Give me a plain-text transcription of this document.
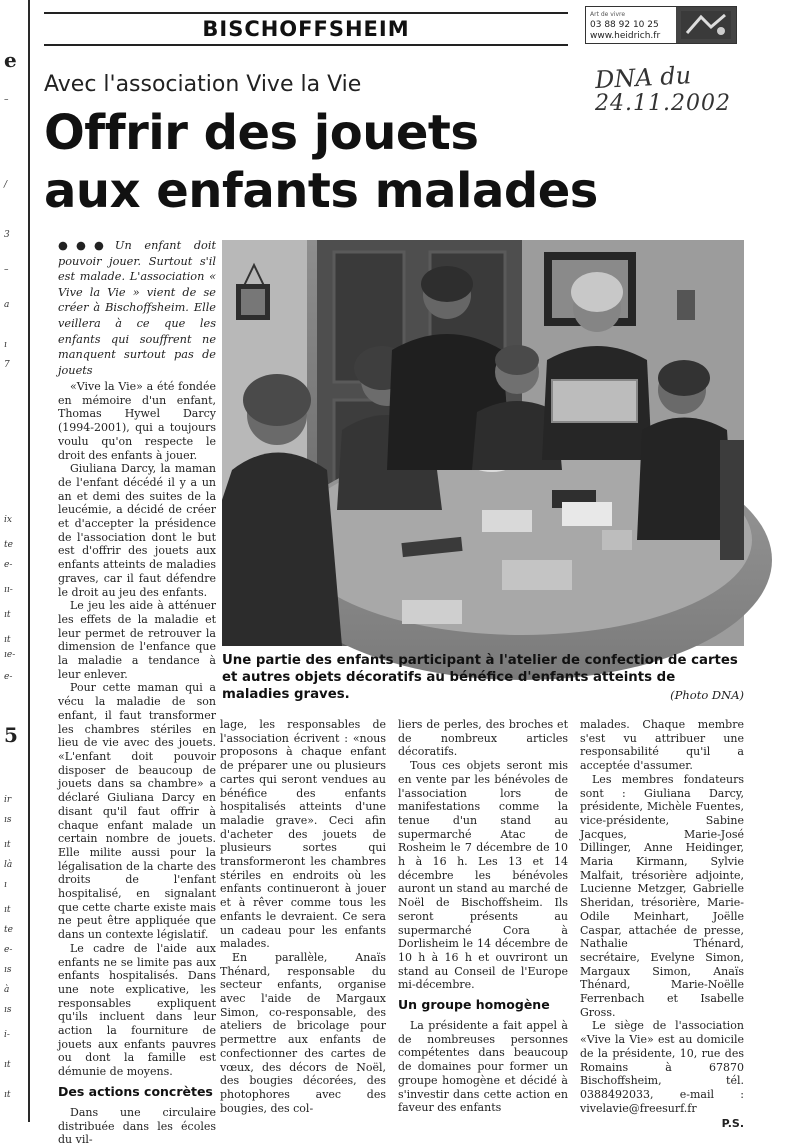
e
–
/
3
–
a
ı
7
ix
te
e-
ıı-
ıt
ıt
ıe-
e-
5
ir
ıs
ıt
là
ı
ıt
te
e-
ıs
à
ıs
i-
ıt
ıt
BISCHOFFSHEIM
Art de vivre
03 88 92 10 25
www.heidrich.fr
DNA du
24.11.2002
Avec l'association Vive la Vie
Offrir des jouets
aux enfants malades
●●● Un enfant doit pouvoir jouer. Surtout s'il est malade. L'association « Vive la Vie » vient de se créer à Bischoffsheim. Elle veillera à ce que les enfants qui souffrent ne manquent surtout pas de jouets

«Vive la Vie» a été fondée en mémoire d'un enfant, Thomas Hywel Darcy (1994-2001), qui a toujours voulu qu'on respecte le droit des enfants à jouer.

Giuliana Darcy, la maman de l'enfant décédé il y a un an et demi des suites de la leucémie, a décidé de créer et d'accepter la présidence de l'association dont le but est d'offrir des jouets aux enfants atteints de maladies graves, car il faut défendre le droit au jeu des enfants.

Le jeu les aide à atténuer les effets de la maladie et leur permet de retrouver la dimension de l'enfance que la maladie a tendance à leur enlever.

Pour cette maman qui a vécu la maladie de son enfant, il faut transformer les chambres stériles en lieu de vie avec des jouets. «L'enfant doit pouvoir disposer de beaucoup de jouets dans sa chambre» a déclaré Giuliana Darcy en disant qu'il faut offrir à chaque enfant malade un certain nombre de jouets. Elle milite aussi pour la légalisation de la charte des droits de l'enfant hospitalisé, en signalant que cette charte existe mais ne peut être appliquée que dans un contexte législatif.

Le cadre de l'aide aux enfants ne se limite pas aux enfants hospitalisés. Dans une note explicative, les responsables expliquent qu'ils incluent dans leur action la fourniture de jouets aux enfants pauvres ou dont la famille est démunie de moyens.

Des actions concrètes

Dans une circulaire distribuée dans les écoles du vil-

Une partie des enfants participant à l'atelier de confection de cartes et autres objets décoratifs au bénéfice d'enfants atteints de maladies graves.	(Photo DNA)

lage, les responsables de l'association écrivent : «nous proposons à chaque enfant de préparer une ou plusieurs cartes qui seront vendues au bénéfice des enfants hospitalisés atteints d'une maladie grave». Ceci afin d'acheter des jouets de plusieurs sortes qui transformeront les chambres stériles en endroits où les enfants continueront à jouer et à rêver comme tous les enfants le devraient. Ce sera un cadeau pour les enfants malades.

En parallèle, Anaïs Thénard, responsable du secteur enfants, organise avec l'aide de Margaux Simon, co-responsable, des ateliers de bricolage pour permettre aux enfants de confectionner des cartes de vœux, des décors de Noël, des bougies décorées, des photophores avec des bougies, des col-

liers de perles, des broches et de nombreux articles décoratifs.

Tous ces objets seront mis en vente par les bénévoles de l'association lors de manifestations comme la tenue d'un stand au supermarché Atac de Rosheim le 7 décembre de 10 h à 16 h. Les 13 et 14 décembre les bénévoles auront un stand au marché de Noël de Bischoffsheim. Ils seront présents au supermarché Cora à Dorlisheim le 14 décembre de 10 h à 16 h et ouvriront un stand au Conseil de l'Europe mi-décembre.

Un groupe homogène

La présidente a fait appel à de nombreuses personnes compétentes dans beaucoup de domaines pour former un groupe homogène et décidé à s'investir dans cette action en faveur des enfants

malades. Chaque membre s'est vu attribuer une responsabilité qu'il a acceptée d'assumer.

Les membres fondateurs sont : Giuliana Darcy, présidente, Michèle Fuentes, vice-présidente, Sabine Jacques, Marie-José Dillinger, Anne Heidinger, Maria Kirmann, Sylvie Malfait, trésorière adjointe, Lucienne Metzger, Gabrielle Sheridan, trésorière, Marie-Odile Meinhart, Joëlle Caspar, attachée de presse, Nathalie Thénard, secrétaire, Evelyne Simon, Margaux Simon, Anaïs Thénard, Marie-Noëlle Ferrenbach et Isabelle Gross.

Le siège de l'association «Vive la Vie» est au domicile de la présidente, 10, rue des Romains à 67870 Bischoffsheim, tél. 0388492033, e-mail : vivelavie@freesurf.fr

P.S.
